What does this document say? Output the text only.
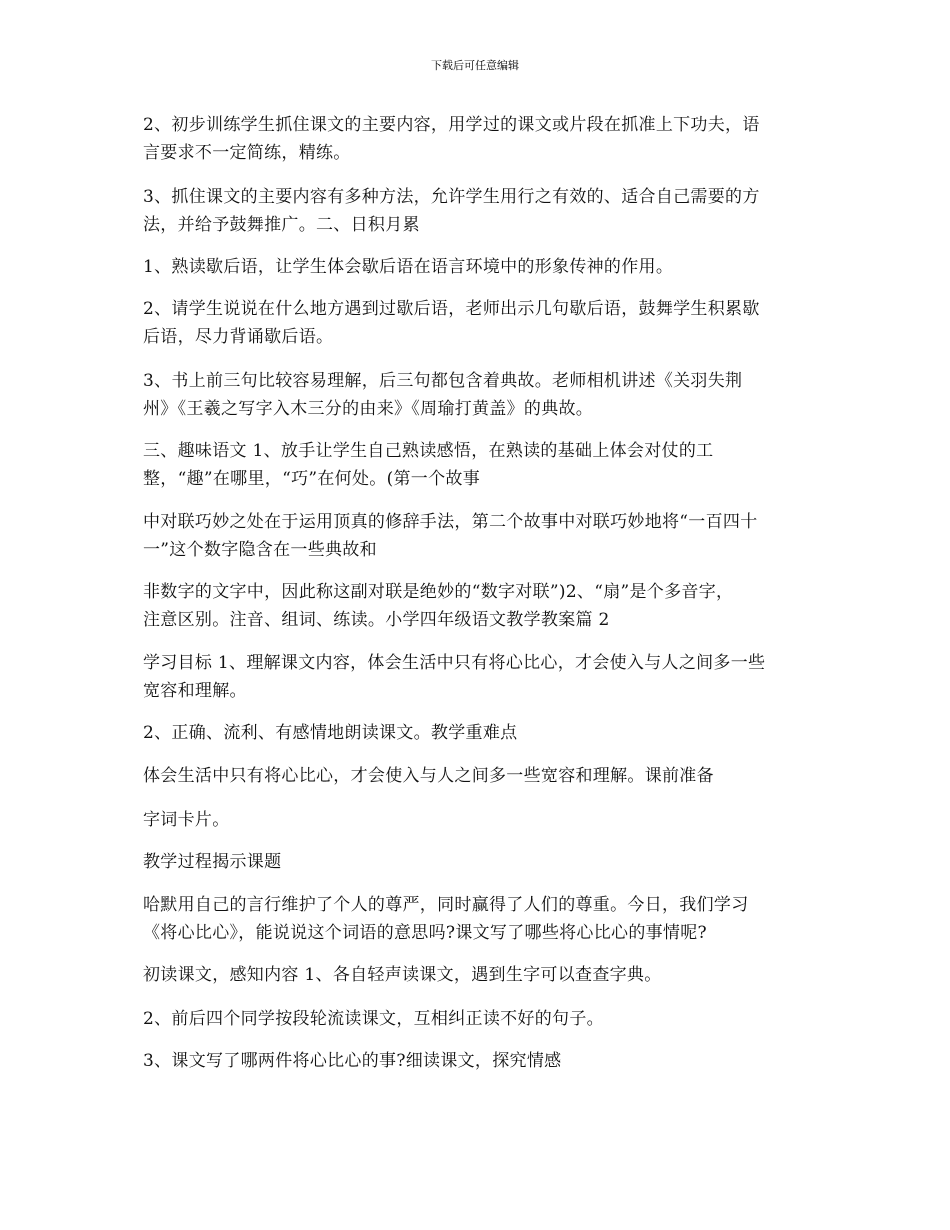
下载后可任意编辑
2、初步训练学生抓住课文的主要内容，用学过的课文或片段在抓准上下功夫，语
言要求不一定简练，精练。
3、抓住课文的主要内容有多种方法，允许学生用行之有效的、适合自己需要的方
法，并给予鼓舞推广。二、日积月累
1、熟读歇后语，让学生体会歇后语在语言环境中的形象传神的作用。
2、请学生说说在什么地方遇到过歇后语，老师出示几句歇后语，鼓舞学生积累歇
后语，尽力背诵歇后语。
3、书上前三句比较容易理解，后三句都包含着典故。老师相机讲述《关羽失荆
州》《王羲之写字入木三分的由来》《周瑜打黄盖》的典故。
三、趣味语文 1、放手让学生自己熟读感悟，在熟读的基础上体会对仗的工
整，“趣”在哪里，“巧”在何处。(第一个故事
中对联巧妙之处在于运用顶真的修辞手法，第二个故事中对联巧妙地将“一百四十
一”这个数字隐含在一些典故和
非数字的文字中，因此称这副对联是绝妙的“数字对联”)2、“扇”是个多音字，
注意区别。注音、组词、练读。小学四年级语文教学教案篇 2
学习目标 1、理解课文内容，体会生活中只有将心比心，才会使入与人之间多一些
宽容和理解。
2、正确、流利、有感情地朗读课文。教学重难点
体会生活中只有将心比心，才会使入与人之间多一些宽容和理解。课前准备
字词卡片。
教学过程揭示课题
哈默用自己的言行维护了个人的尊严，同时赢得了人们的尊重。今日，我们学习
《将心比心》，能说说这个词语的意思吗?课文写了哪些将心比心的事情呢?
初读课文，感知内容 1、各自轻声读课文，遇到生字可以查查字典。
2、前后四个同学按段轮流读课文，互相纠正读不好的句子。
3、课文写了哪两件将心比心的事?细读课文，探究情感
